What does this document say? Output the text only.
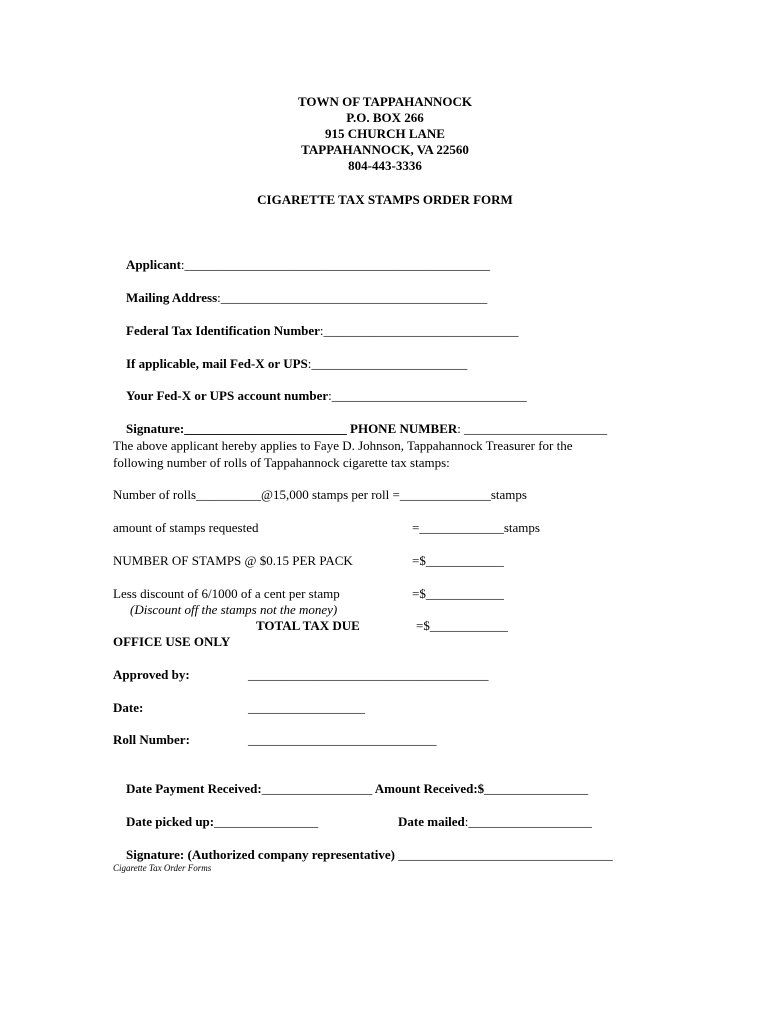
TOWN OF TAPPAHANNOCK
P.O. BOX 266
915 CHURCH LANE
TAPPAHANNOCK, VA 22560
804-443-3336
CIGARETTE TAX STAMPS ORDER FORM

Applicant:_______________________________________________

Mailing Address:_________________________________________

Federal Tax Identification Number:______________________________

If applicable, mail Fed-X or UPS:________________________

Your Fed-X or UPS account number:______________________________

Signature:_________________________ PHONE NUMBER: ______________________

The above applicant hereby applies to Faye D. Johnson, Tappahannock Treasurer for the
following number of rolls of Tappahannock cigarette tax stamps:
Number of rolls__________@15,000 stamps per roll =______________stamps
amount of stamps requested	=_____________stamps
NUMBER OF STAMPS @ $0.15 PER PACK	=$____________
Less discount of 6/1000 of a cent per stamp	=$____________
(Discount off the stamps not the money)
TOTAL TAX DUE	=$____________
OFFICE USE ONLY
Approved by:	_____________________________________
Date:	__________________
Roll Number:	_____________________________

Date Payment Received:_________________ Amount Received:$________________

Date picked up:________________
	Date mailed:___________________

Signature: (Authorized company representative) _________________________________

Cigarette Tax Order Forms
